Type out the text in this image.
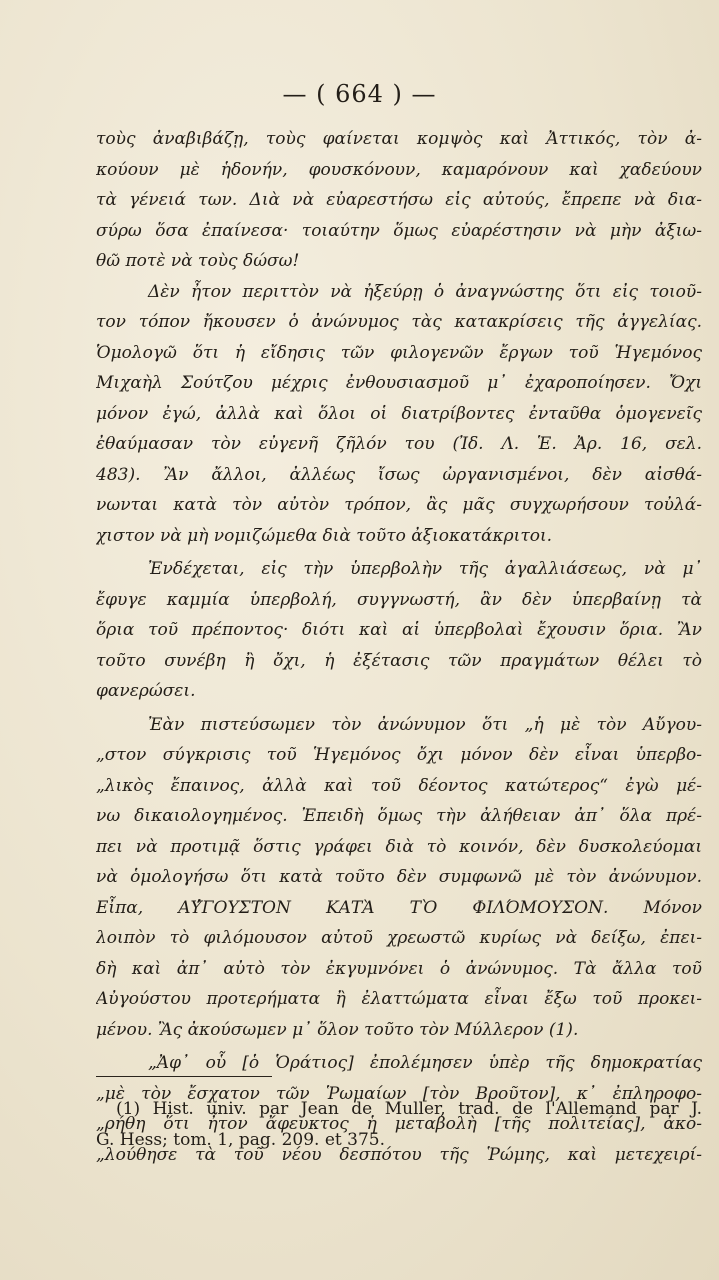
— ( 664 ) —
τοὺς ἀναβιβάζῃ, τοὺς φαίνεται κομψὸς καὶ Ἀττικός, τὸν ἀ-
κούουν μὲ ἡδονήν, φουσκόνουν, καμαρόνουν καὶ χαδεύουν
τὰ γένειά των. Διὰ νὰ εὐαρεστήσω εἰς αὐτούς, ἔπρεπε νὰ δια-
σύρω ὅσα ἐπαίνεσα· τοιαύτην ὅμως εὐαρέστησιν νὰ μὴν ἀξιω-
θῶ ποτὲ νὰ τοὺς δώσω!
Δὲν ἦτον περιττὸν νὰ ἠξεύρῃ ὁ ἀναγνώστης ὅτι εἰς τοιοῦ-
τον τόπον ἤκουσεν ὁ ἀνώνυμος τὰς κατακρίσεις τῆς ἀγγελίας.
Ὁμολογῶ ὅτι ἡ εἴδησις τῶν φιλογενῶν ἔργων τοῦ Ἡγεμόνος
Μιχαὴλ Σούτζου μέχρις ἐνθουσιασμοῦ μ᾽ ἐχαροποίησεν. Ὄχι
μόνον ἐγώ, ἀλλὰ καὶ ὅλοι οἱ διατρίβοντες ἐνταῦθα ὁμογενεῖς
ἐθαύμασαν τὸν εὐγενῆ ζῆλόν του (Ἰδ. Λ. Ἑ. Ἀρ. 16, σελ.
483). Ἂν ἄλλοι, ἀλλέως ἴσως ὠργανισμένοι, δὲν αἰσθά-
νωνται κατὰ τὸν αὐτὸν τρόπον, ἂς μᾶς συγχωρήσουν τοὐλά-
χιστον νὰ μὴ νομιζώμεθα διὰ τοῦτο ἀξιοκατάκριτοι.
Ἐνδέχεται, εἰς τὴν ὑπερβολὴν τῆς ἀγαλλιάσεως, νὰ μ᾽
ἔφυγε καμμία ὑπερβολή, συγγνωστή, ἂν δὲν ὑπερβαίνῃ τὰ
ὅρια τοῦ πρέποντος· διότι καὶ αἱ ὑπερβολαὶ ἔχουσιν ὅρια. Ἂν
τοῦτο συνέβη ἢ ὄχι, ἡ ἐξέτασις τῶν πραγμάτων θέλει τὸ
φανερώσει.
Ἐὰν πιστεύσωμεν τὸν ἀνώνυμον ὅτι „ἡ μὲ τὸν Αὔγου-
„στον σύγκρισις τοῦ Ἡγεμόνος ὄχι μόνον δὲν εἶναι ὑπερβο-
„λικὸς ἔπαινος, ἀλλὰ καὶ τοῦ δέοντος κατώτερος“ ἐγὼ μέ-
νω δικαιολογημένος. Ἐπειδὴ ὅμως τὴν ἀλήθειαν ἀπ᾽ ὅλα πρέ-
πει νὰ προτιμᾷ ὅστις γράφει διὰ τὸ κοινόν, δὲν δυσκολεύομαι
νὰ ὁμολογήσω ὅτι κατὰ τοῦτο δὲν συμφωνῶ μὲ τὸν ἀνώνυμον.
Εἶπα, ΑΥ̓́ΓΟΥΣΤΟΝ ΚΑΤᾺ ΤῸ ΦΙΛΌΜΟΥΣΟΝ. Μόνον
λοιπὸν τὸ φιλόμουσον αὐτοῦ χρεωστῶ κυρίως νὰ δείξω, ἐπει-
δὴ καὶ ἀπ᾽ αὐτὸ τὸν ἐκγυμνόνει ὁ ἀνώνυμος. Τὰ ἄλλα τοῦ
Αὐγούστου προτερήματα ἢ ἐλαττώματα εἶναι ἔξω τοῦ προκει-
μένου. Ἂς ἀκούσωμεν μ᾽ ὅλον τοῦτο τὸν Μύλλερον (1).
„Ἀφ᾽ οὗ [ὁ Ὁράτιος] ἐπολέμησεν ὑπὲρ τῆς δημοκρατίας
„μὲ τὸν ἔσχατον τῶν Ῥωμαίων [τὸν Βροῦτον], κ᾽ ἐπληροφο-
„ρήθη ὅτι ἦτον ἄφευκτος ἡ μεταβολὴ [τῆς πολιτείας], ἀκο-
„λούθησε τὰ τοῦ νέου δεσπότου τῆς Ῥώμης, καὶ μετεχειρί-
(1) Hist. univ. par Jean de Muller, trad. de l'Allemand par J.
G. Hess; tom. 1, pag. 209. et 375.
